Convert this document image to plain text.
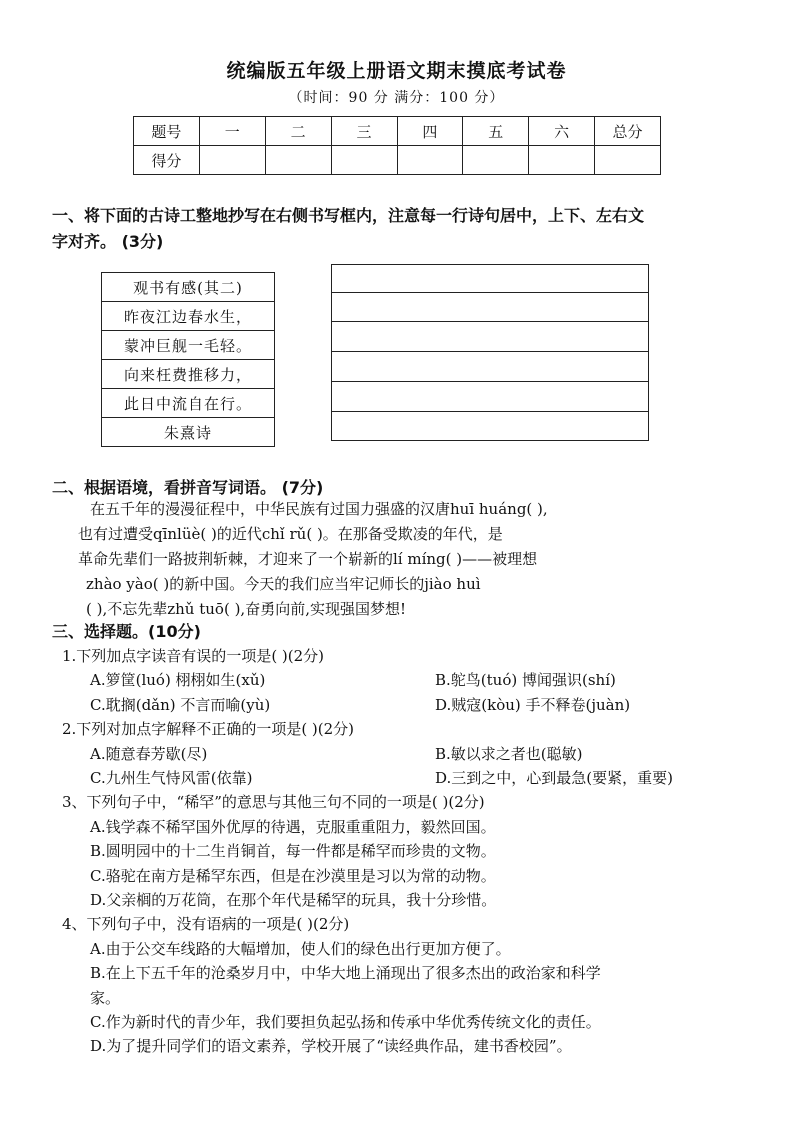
统编版五年级上册语文期末摸底考试卷
（时间：90 分 满分：100 分）
题号	一	二	三	四	五	六	总分
得分							
一、将下面的古诗工整地抄写在右侧书写框内，注意每一行诗句居中，上下、左右文
字对齐。 (3分)
观书有感(其二)
昨夜江边春水生，
蒙冲巨舰一毛轻。
向来枉费推移力，
此日中流自在行。
朱熹诗
二、根据语境，看拼音写词语。 (7分)
在五千年的漫漫征程中，中华民族有过国力强盛的汉唐huī huáng( ),
也有过遭受qīnlüè( )的近代chǐ rǔ( )。在那备受欺凌的年代，是
革命先辈们一路披荆斩棘，才迎来了一个崭新的lí míng( )——被理想
zhào yào( )的新中国。今天的我们应当牢记师长的jiào huì
( ),不忘先辈zhǔ tuō( ),奋勇向前,实现强国梦想!
三、选择题。(10分)
1.下列加点字读音有误的一项是( )(2分)
A.箩筐(luó) 栩栩如生(xǔ)	B.鸵鸟(tuó) 博闻强识(shí)
C.耽搁(dǎn) 不言而喻(yù)	D.贼寇(kòu) 手不释卷(juàn)
2.下列对加点字解释不正确的一项是( )(2分)
A.随意春芳歇(尽)	B.敏以求之者也(聪敏)
C.九州生气恃风雷(依靠)	D.三到之中，心到最急(要紧，重要)
3、下列句子中，“稀罕”的意思与其他三句不同的一项是( )(2分)
A.钱学森不稀罕国外优厚的待遇，克服重重阻力，毅然回国。
B.圆明园中的十二生肖铜首，每一件都是稀罕而珍贵的文物。
C.骆驼在南方是稀罕东西，但是在沙漠里是习以为常的动物。
D.父亲榈的万花筒，在那个年代是稀罕的玩具，我十分珍惜。
4、下列句子中，没有语病的一项是( )(2分)
A.由于公交车线路的大幅增加，使人们的绿色出行更加方便了。
B.在上下五千年的沧桑岁月中，中华大地上涌现出了很多杰出的政治家和科学
家。
C.作为新时代的青少年，我们要担负起弘扬和传承中华优秀传统文化的责任。
D.为了提升同学们的语文素养，学校开展了“读经典作品，建书香校园”。
